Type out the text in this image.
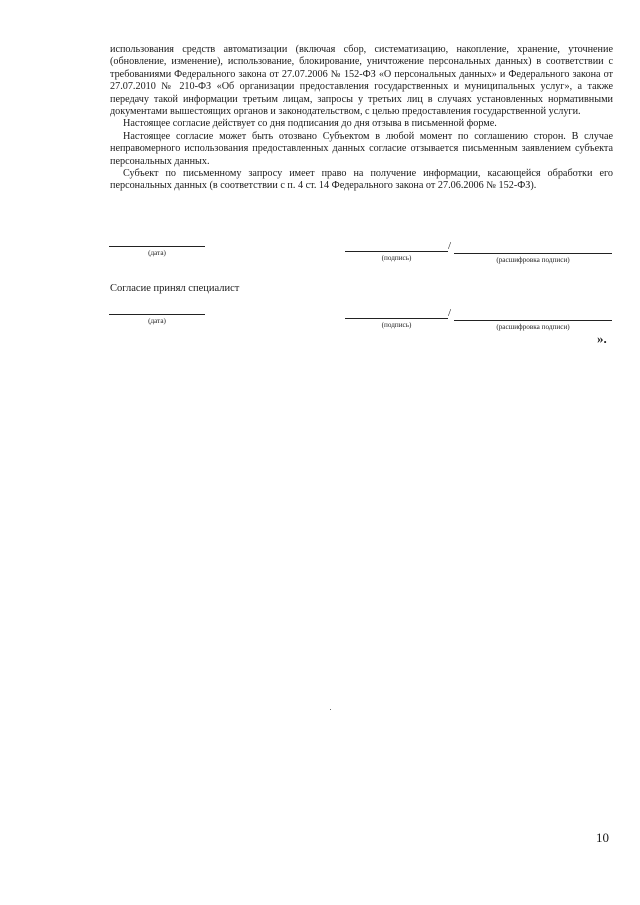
использования средств автоматизации (включая сбор, систематизацию, накопление, хранение, уточнение (обновление, изменение), использование, блокирование, уничтожение персональных данных) в соответствии с требованиями Федерального закона от 27.07.2006 № 152-ФЗ «О персональных данных» и Федерального закона от 27.07.2010 № 210-ФЗ «Об организации предоставления государственных и муниципальных услуг», а также передачу такой информации третьим лицам, запросы у третьих лиц в случаях установленных нормативными документами вышестоящих органов и законодательством, с целью предоставления государственной услуги.

Настоящее согласие действует со дня подписания до дня отзыва в письменной форме.

Настоящее согласие может быть отозвано Субъектом в любой момент по соглашению сторон. В случае неправомерного использования предоставленных данных согласие отзывается письменным заявлением субъекта персональных данных.

Субъект по письменному запросу имеет право на получение информации, касающейся обработки его персональных данных (в соответствии с п. 4 ст. 14 Федерального закона от 27.06.2006 № 152-ФЗ).

(дата)
/
(подпись)	(расшифровка подписи)
Согласие принял специалист
(дата)
/
(подпись)	(расшифровка подписи)
».
10
